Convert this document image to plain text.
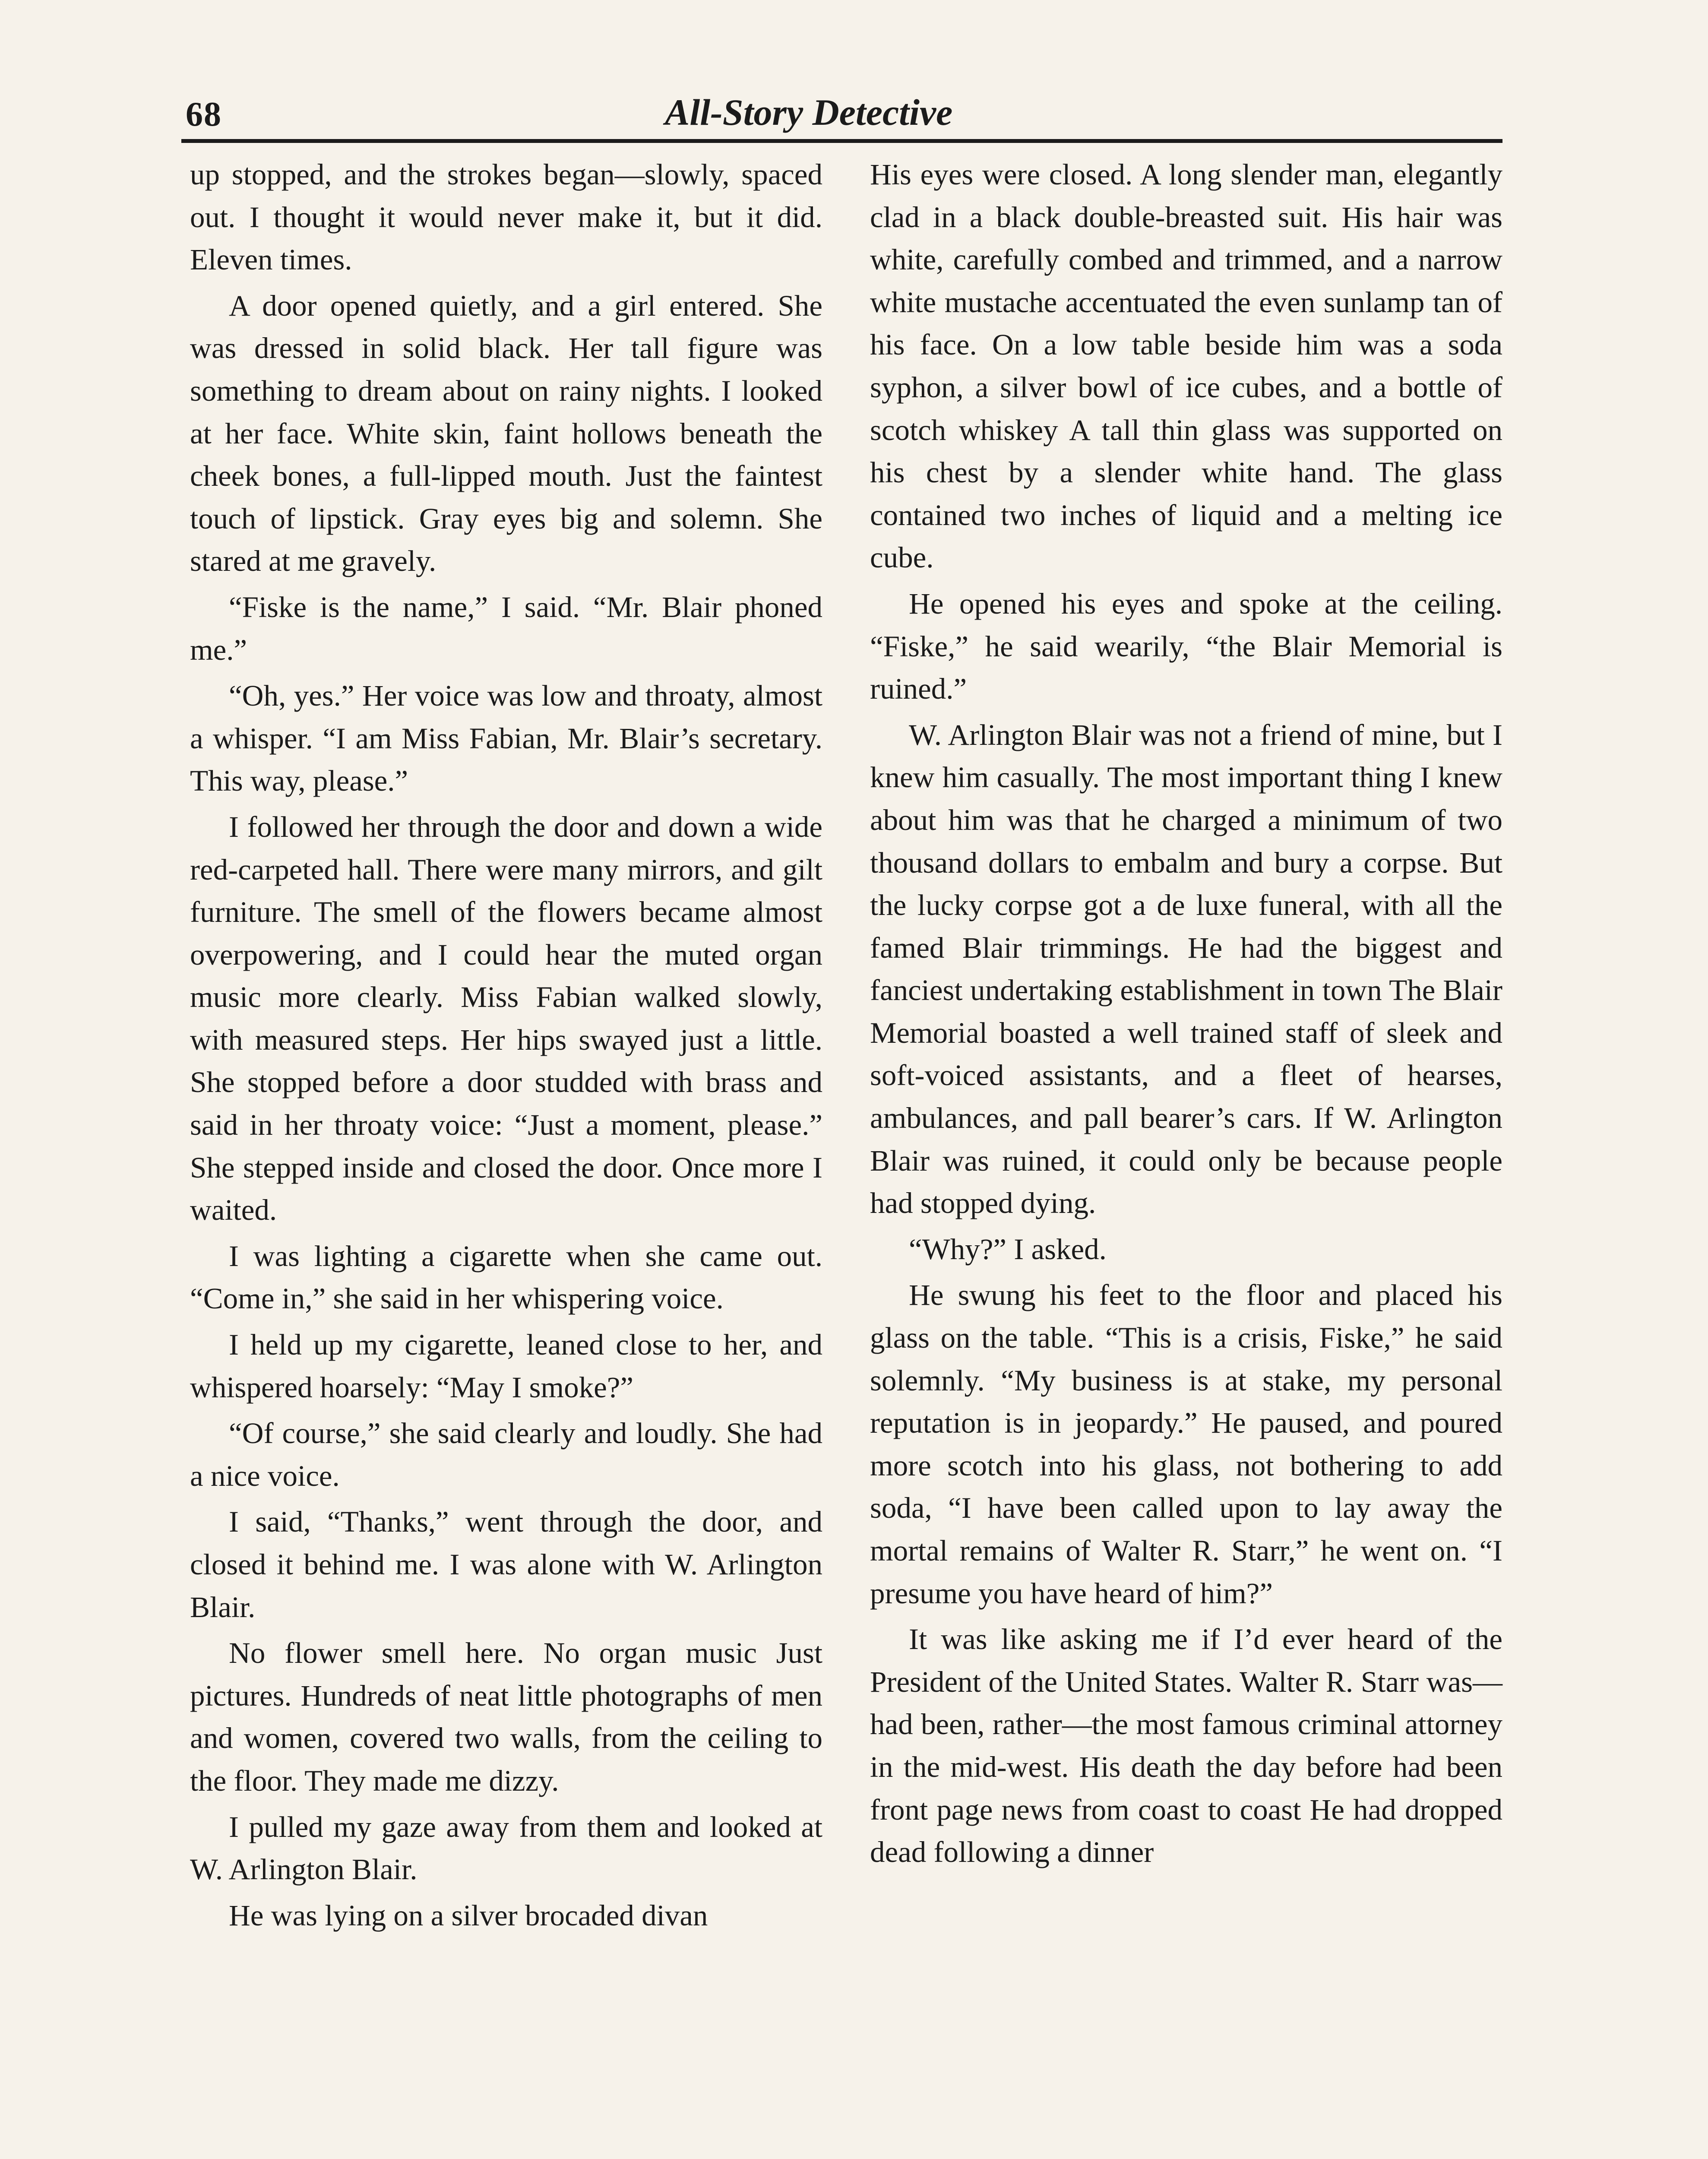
68	All-Story Detective

up stopped, and the strokes began—slowly, spaced out. I thought it would never make it, but it did. Eleven times.

A door opened quietly, and a girl entered. She was dressed in solid black. Her tall figure was something to dream about on rainy nights. I looked at her face. White skin, faint hollows beneath the cheek bones, a full-lipped mouth. Just the faintest touch of lipstick. Gray eyes big and solemn. She stared at me gravely.

“Fiske is the name,” I said. “Mr. Blair phoned me.”

“Oh, yes.” Her voice was low and throaty, almost a whisper. “I am Miss Fabian, Mr. Blair’s secretary. This way, please.”

I followed her through the door and down a wide red-carpeted hall. There were many mirrors, and gilt furniture. The smell of the flowers became almost overpowering, and I could hear the muted organ music more clearly. Miss Fabian walked slowly, with measured steps. Her hips swayed just a little. She stopped before a door studded with brass and said in her throaty voice: “Just a moment, please.” She stepped inside and closed the door. Once more I waited.

I was lighting a cigarette when she came out. “Come in,” she said in her whispering voice.

I held up my cigarette, leaned close to her, and whispered hoarsely: “May I smoke?”

“Of course,” she said clearly and loudly. She had a nice voice.

I said, “Thanks,” went through the door, and closed it behind me. I was alone with W. Arlington Blair.

No flower smell here. No organ music Just pictures. Hundreds of neat little photographs of men and women, covered two walls, from the ceiling to the floor. They made me dizzy.

I pulled my gaze away from them and looked at W. Arlington Blair.

He was lying on a silver brocaded divan

His eyes were closed. A long slender man, elegantly clad in a black double-breasted suit. His hair was white, carefully combed and trimmed, and a narrow white mustache accentuated the even sunlamp tan of his face. On a low table beside him was a soda syphon, a silver bowl of ice cubes, and a bottle of scotch whiskey A tall thin glass was supported on his chest by a slender white hand. The glass contained two inches of liquid and a melting ice cube.

He opened his eyes and spoke at the ceiling. “Fiske,” he said wearily, “the Blair Memorial is ruined.”

W. Arlington Blair was not a friend of mine, but I knew him casually. The most important thing I knew about him was that he charged a minimum of two thousand dollars to embalm and bury a corpse. But the lucky corpse got a de luxe funeral, with all the famed Blair trimmings. He had the biggest and fanciest undertaking establishment in town The Blair Memorial boasted a well trained staff of sleek and soft-voiced assistants, and a fleet of hearses, ambulances, and pall bearer’s cars. If W. Arlington Blair was ruined, it could only be because people had stopped dying.

“Why?” I asked.

He swung his feet to the floor and placed his glass on the table. “This is a crisis, Fiske,” he said solemnly. “My business is at stake, my personal reputation is in jeopardy.” He paused, and poured more scotch into his glass, not bothering to add soda, “I have been called upon to lay away the mortal remains of Walter R. Starr,” he went on. “I presume you have heard of him?”

It was like asking me if I’d ever heard of the President of the United States. Walter R. Starr was—had been, rather—the most famous criminal attorney in the mid-west. His death the day before had been front page news from coast to coast He had dropped dead following a dinner
